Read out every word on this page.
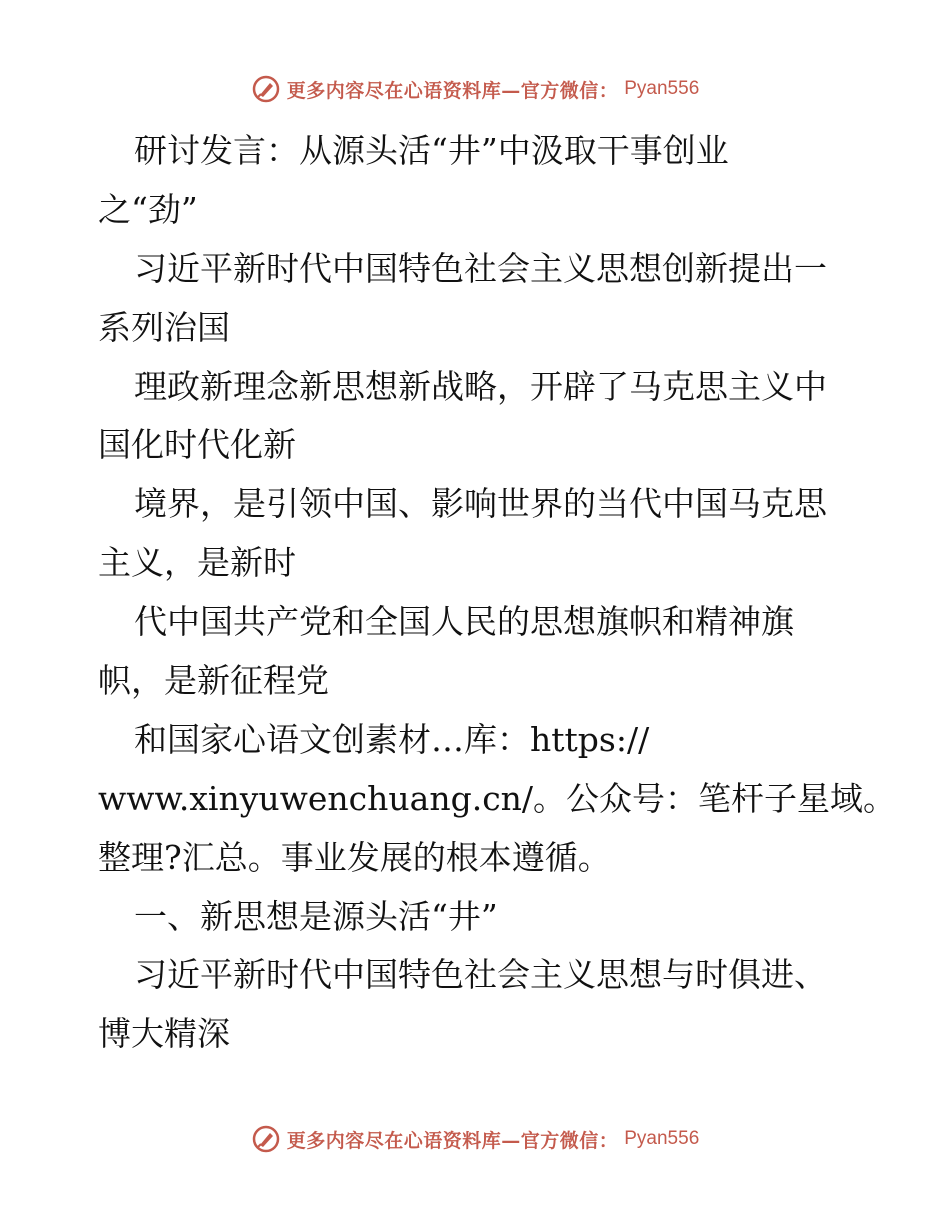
更多内容尽在心语资料库—官方微信： Pyan556
研讨发言：从源头活“井”中汲取干事创业
之“劲”
习近平新时代中国特色社会主义思想创新提出一
系列治国
理政新理念新思想新战略，开辟了马克思主义中
国化时代化新
境界，是引领中国、影响世界的当代中国马克思
主义，是新时
代中国共产党和全国人民的思想旗帜和精神旗
帜，是新征程党
和国家心语文创素材…库：https://
www.xinyuwenchuang.cn/。公众号：笔杆子星域。
整理?汇总。事业发展的根本遵循。
一、新思想是源头活“井”
习近平新时代中国特色社会主义思想与时俱进、
博大精深
更多内容尽在心语资料库—官方微信： Pyan556
